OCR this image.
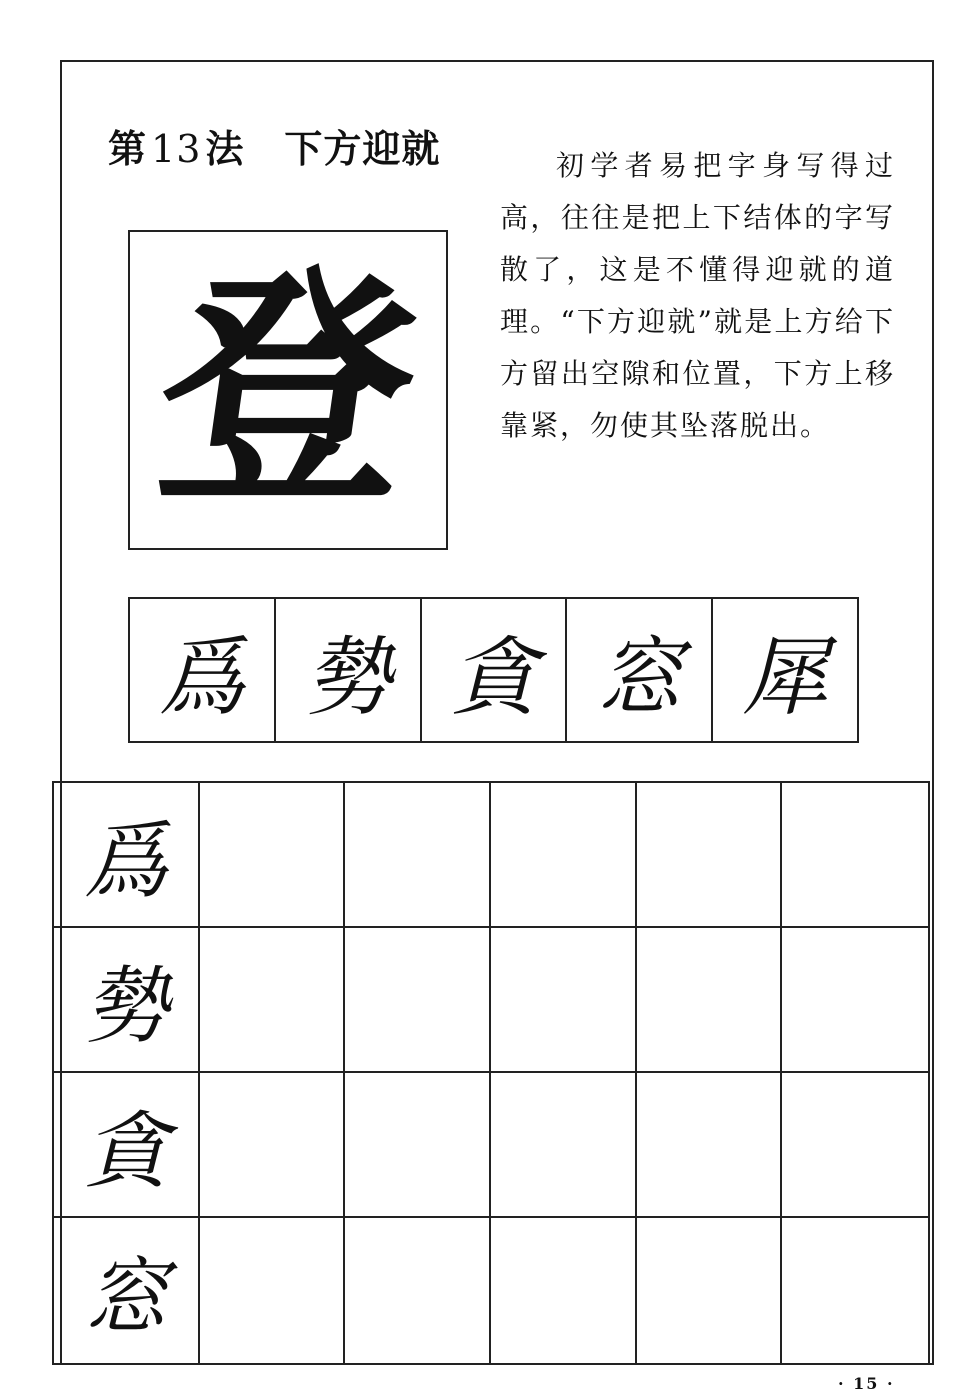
第 13 法 下方迎就	初学者易把字身写得过高，往往是把上下结体的字写散了，这是不懂得迎就的道理。“下方迎就”就是上方给下方留出空隙和位置，下方上移靠紧，勿使其坠落脱出。
登
爲 勢 貪 窓 犀
爲
勢
貪
窓
· 15 ·
